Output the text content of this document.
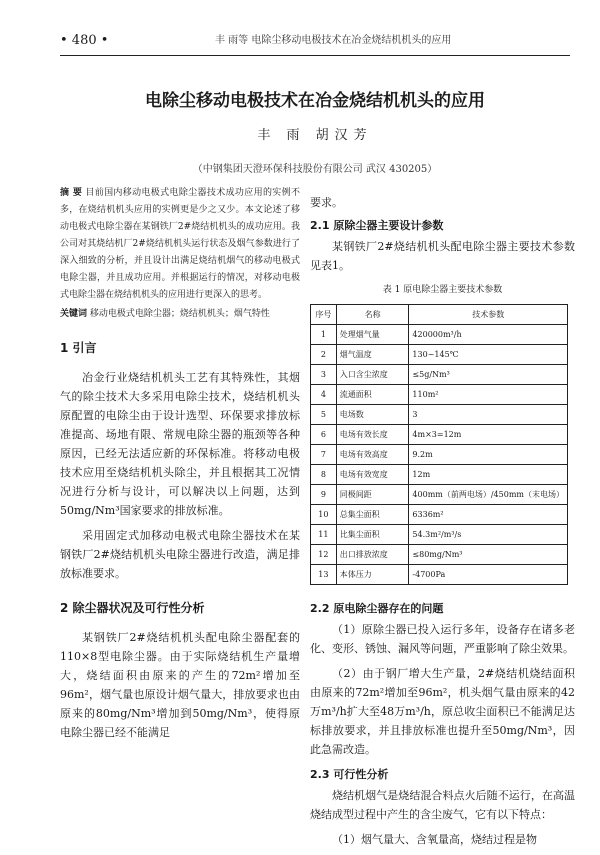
• 480 •	丰 雨等 电除尘移动电极技术在冶金烧结机机头的应用
电除尘移动电极技术在冶金烧结机机头的应用
丰 雨 胡汉芳
（中钢集团天澄环保科技股份有限公司 武汉 430205）
摘 要 目前国内移动电极式电除尘器技术成功应用的实例不多，在烧结机机头应用的实例更是少之又少。本文论述了移动电极式电除尘器在某钢铁厂2#烧结机机头的成功应用。我公司对其烧结机厂2#烧结机机头运行状态及烟气参数进行了深入细致的分析，并且设计出满足烧结机烟气的移动电极式电除尘器，并且成功应用。并根据运行的情况，对移动电极式电除尘器在烧结机机头的应用进行更深入的思考。
关键词 移动电极式电除尘器；烧结机机头；烟气特性
1 引言

冶金行业烧结机机头工艺有其特殊性，其烟气的除尘技术大多采用电除尘技术，烧结机机头原配置的电除尘由于设计选型、环保要求排放标准提高、场地有限、常规电除尘器的瓶颈等各种原因，已经无法适应新的环保标准。将移动电极技术应用至烧结机机头除尘，并且根据其工况情况进行分析与设计，可以解决以上问题，达到50mg/Nm³国家要求的排放标准。

采用固定式加移动电极式电除尘器技术在某钢铁厂2#烧结机机头电除尘器进行改造，满足排放标准要求。

2 除尘器状况及可行性分析

某钢铁厂2#烧结机机头配电除尘器配套的110×8型电除尘器。由于实际烧结机生产量增大，烧结面积由原来的产生的72m²增加至96m²，烟气量也原设计烟气量大，排放要求也由原来的80mg/Nm³增加到50mg/Nm³，使得原电除尘器已经不能满足

要求。

2.1 原除尘器主要设计参数

某钢铁厂2#烧结机机头配电除尘器主要技术参数见表1。

表 1 原电除尘器主要技术参数
序号	名称	技术参数
1	处理烟气量	420000m³/h
2	烟气温度	130~145℃
3	入口含尘浓度	≤5g/Nm³
4	流通面积	110m²
5	电场数	3
6	电场有效长度	4m×3=12m
7	电场有效高度	9.2m
8	电场有效宽度	12m
9	同极间距	400mm（前两电场）/450mm（末电场）
10	总集尘面积	6336m²
11	比集尘面积	54.3m²/m³/s
12	出口排放浓度	≤80mg/Nm³
13	本体压力	-4700Pa
2.2 原电除尘器存在的问题

（1）原除尘器已投入运行多年，设备存在诸多老化、变形、锈蚀、漏风等问题，严重影响了除尘效果。

（2）由于钢厂增大生产量，2#烧结机烧结面积由原来的72m²增加至96m²，机头烟气量由原来的42万m³/h扩大至48万m³/h，原总收尘面积已不能满足达标排放要求，并且排放标准也提升至50mg/Nm³，因此急需改造。

2.3 可行性分析

烧结机烟气是烧结混合料点火后随不运行，在高温烧结成型过程中产生的含尘废气，它有以下特点：

（1）烟气量大、含氧量高，烧结过程是物
